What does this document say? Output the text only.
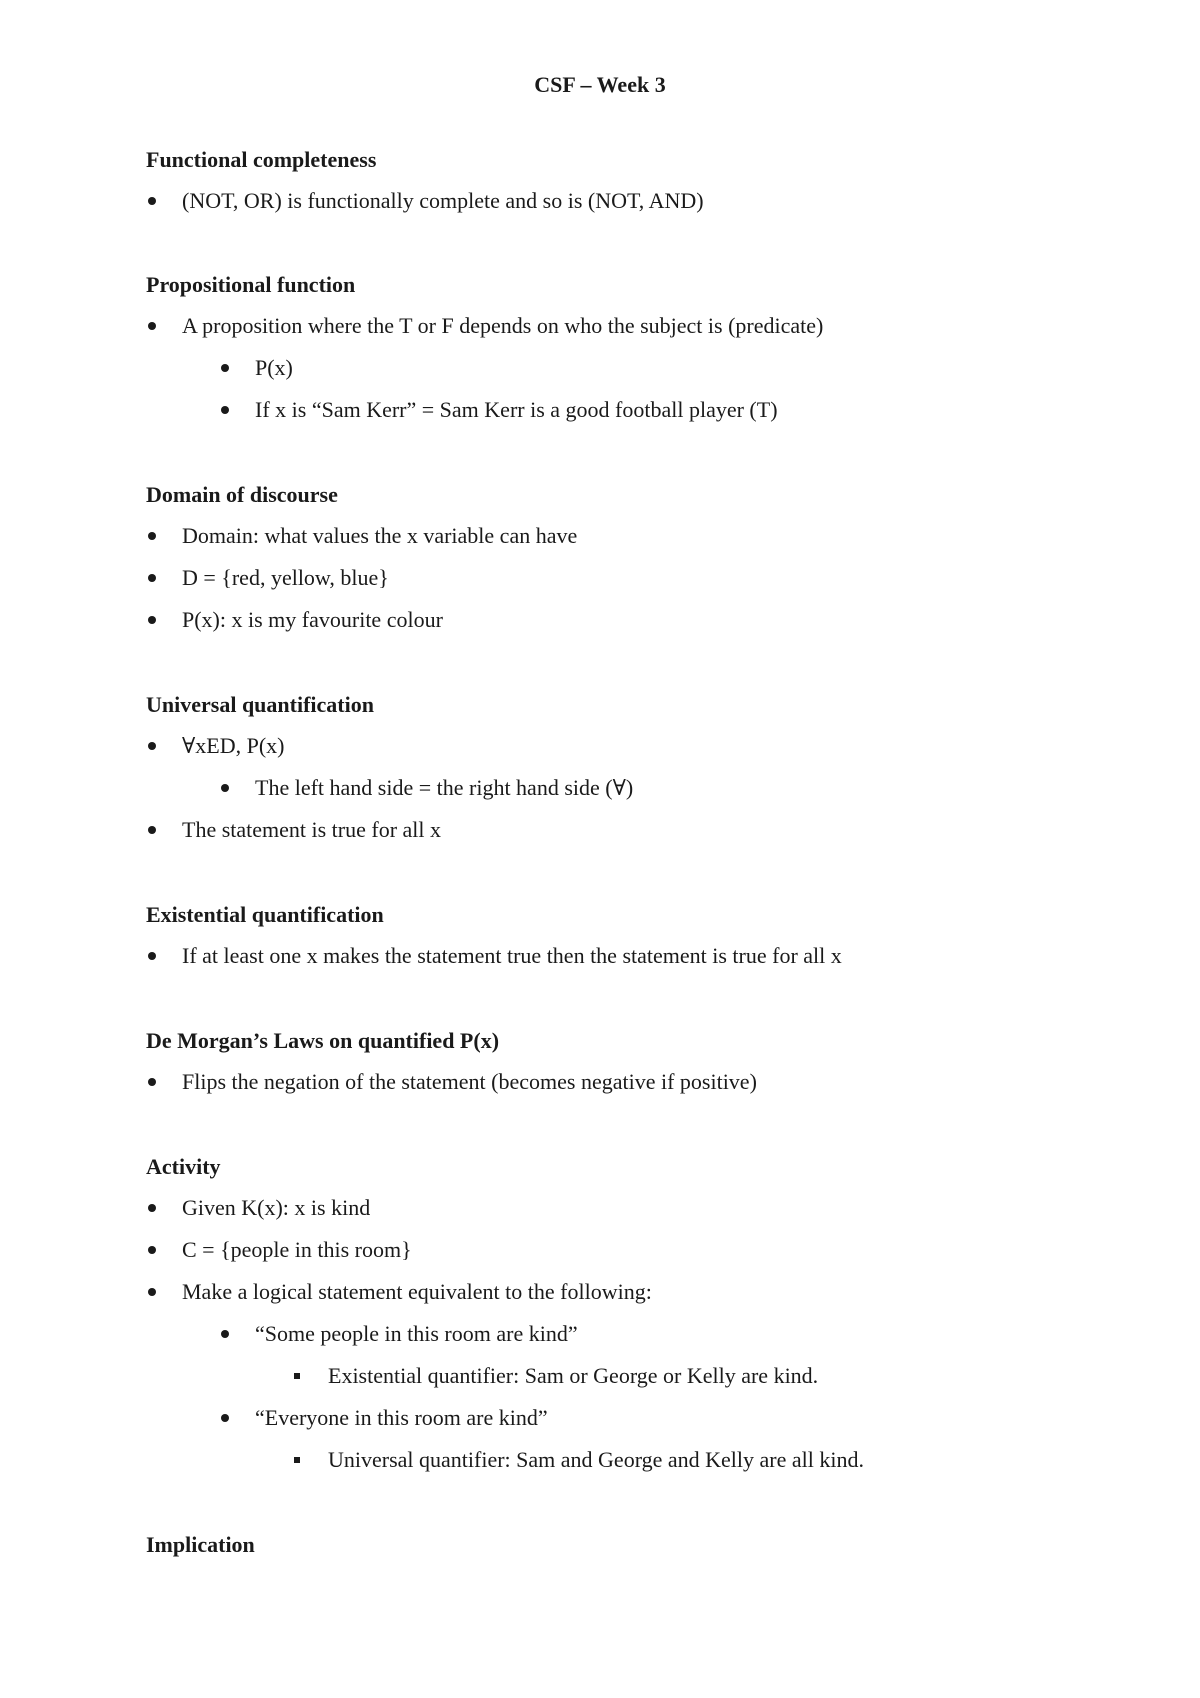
CSF – Week 3

Functional completeness

(NOT, OR) is functionally complete and so is (NOT, AND)

Propositional function

A proposition where the T or F depends on who the subject is (predicate)
P(x)
If x is “Sam Kerr” = Sam Kerr is a good football player (T)

Domain of discourse

Domain: what values the x variable can have
D = {red, yellow, blue}
P(x): x is my favourite colour

Universal quantification

∀xED, P(x)
The left hand side = the right hand side (∀)
The statement is true for all x

Existential quantification

If at least one x makes the statement true then the statement is true for all x

De Morgan’s Laws on quantified P(x)

Flips the negation of the statement (becomes negative if positive)

Activity

Given K(x): x is kind
C = {people in this room}
Make a logical statement equivalent to the following:
“Some people in this room are kind”
Existential quantifier: Sam or George or Kelly are kind.
“Everyone in this room are kind”
Universal quantifier: Sam and George and Kelly are all kind.

Implication
